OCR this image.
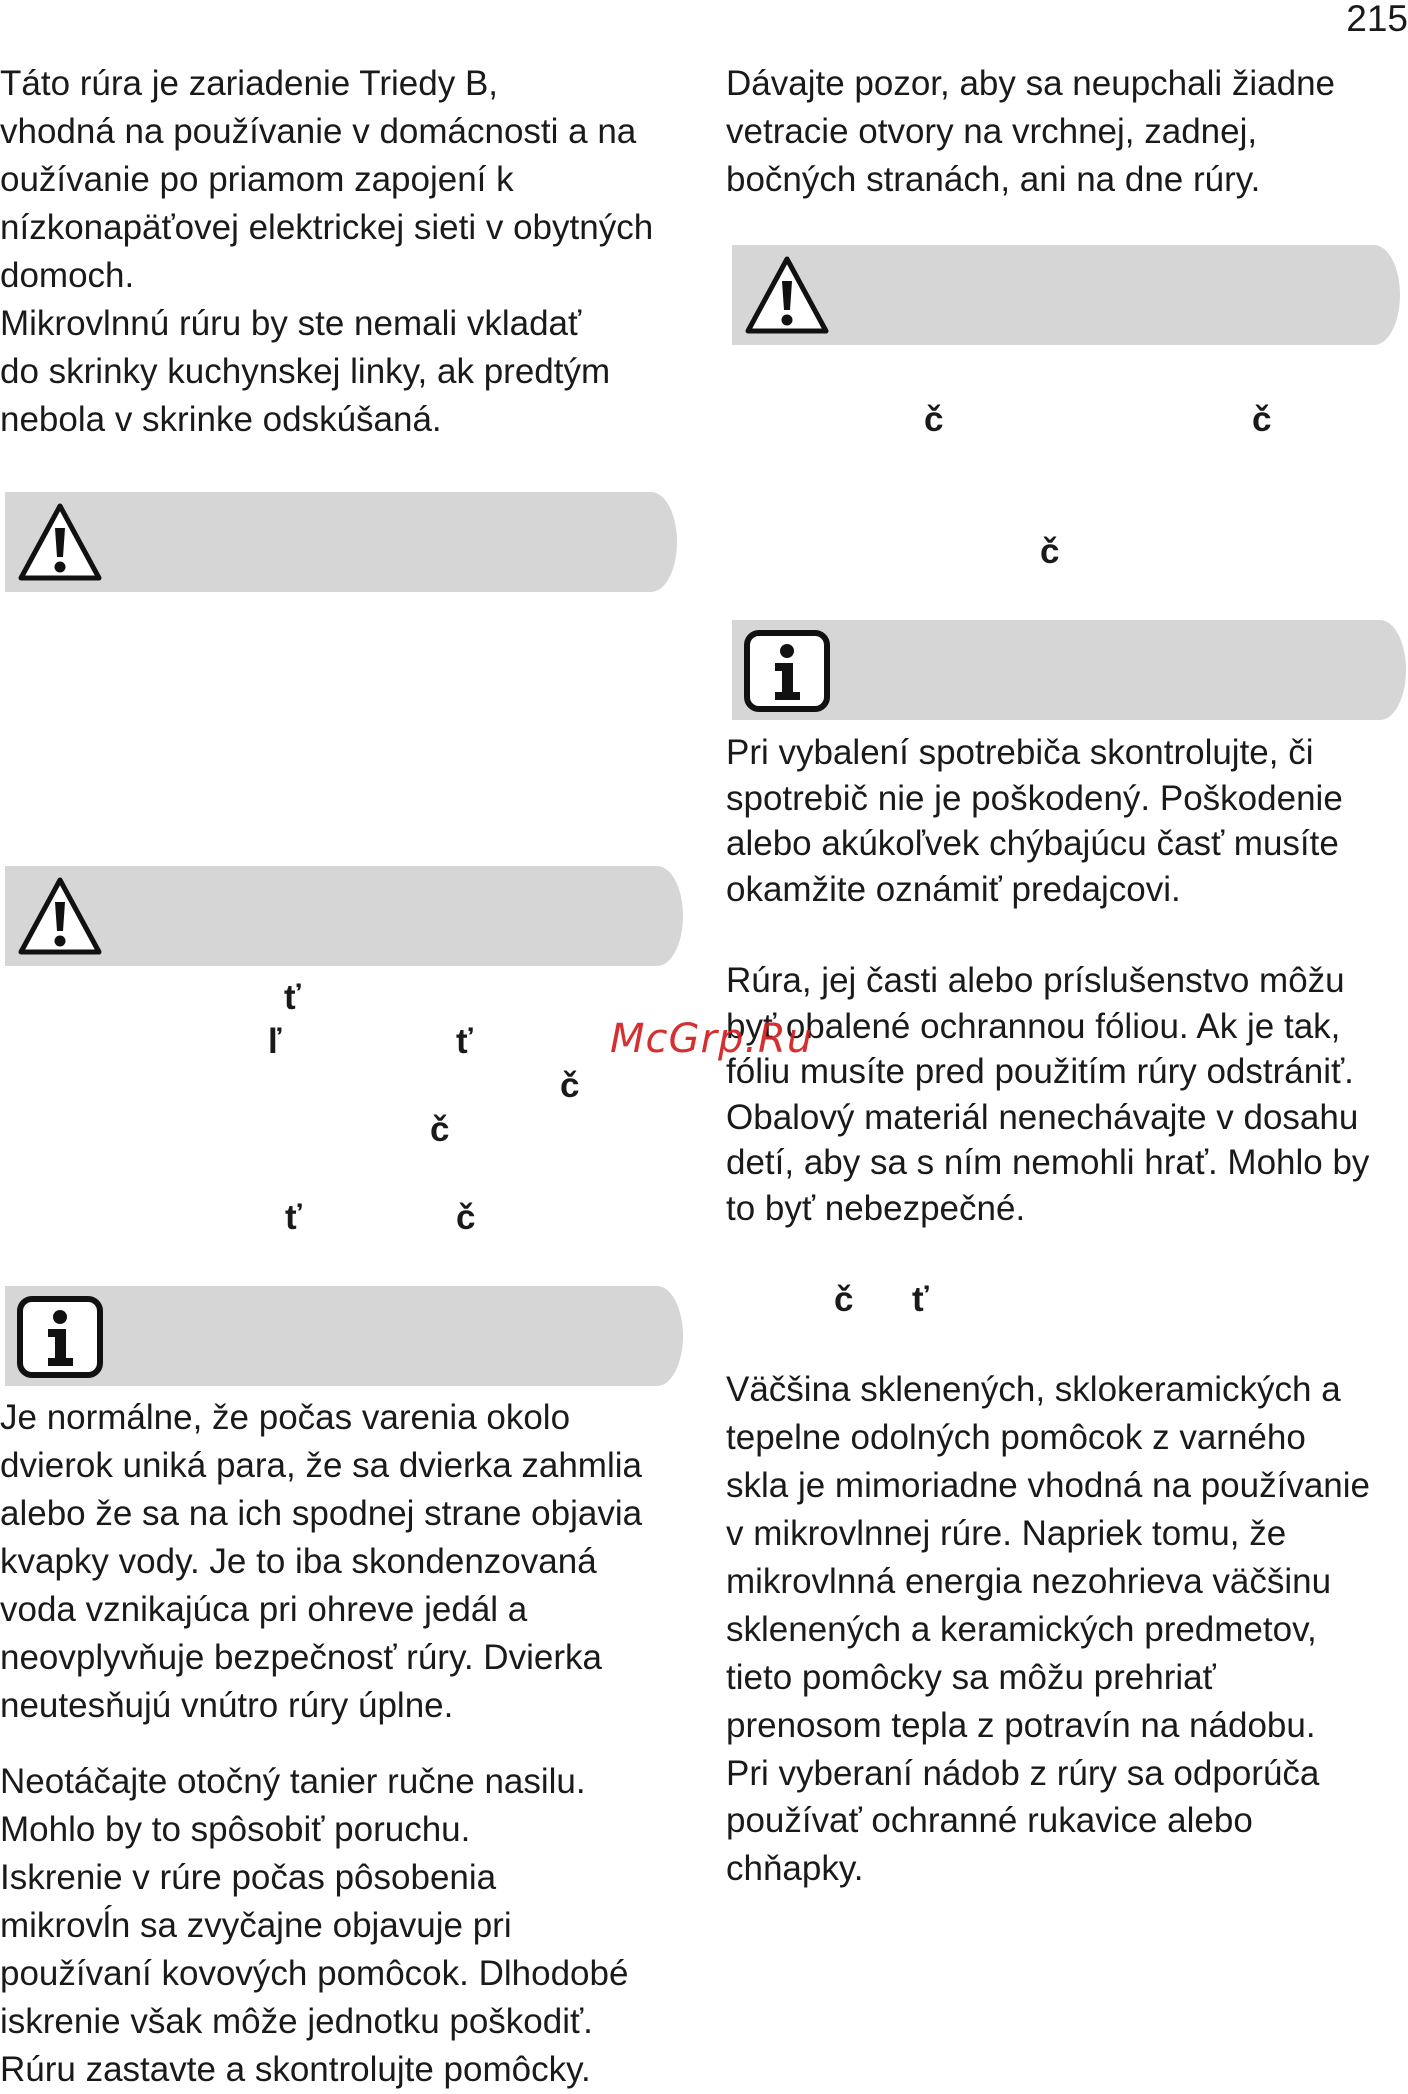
215

Táto rúra je zariadenie Triedy B,
vhodná na používanie v domácnosti a na
oužívanie po priamom zapojení k
nízkonapäťovej elektrickej sieti v obytných
domoch.
Mikrovlnnú rúru by ste nemali vkladať
do skrinky kuchynskej linky, ak predtým
nebola v skrinke odskúšaná.

ť
ľ	ť
č
č
ť	č

Je normálne, že počas varenia okolo
dvierok uniká para, že sa dvierka zahmlia
alebo že sa na ich spodnej strane objavia
kvapky vody. Je to iba skondenzovaná
voda vznikajúca pri ohreve jedál a
neovplyvňuje bezpečnosť rúry. Dvierka
neutesňujú vnútro rúry úplne.

Neotáčajte otočný tanier ručne nasilu.
Mohlo by to spôsobiť poruchu.
Iskrenie v rúre počas pôsobenia
mikrovĺn sa zvyčajne objavuje pri
používaní kovových pomôcok. Dlhodobé
iskrenie však môže jednotku poškodiť.
Rúru zastavte a skontrolujte pomôcky.

Dávajte pozor, aby sa neupchali žiadne
vetracie otvory na vrchnej, zadnej,
bočných stranách, ani na dne rúry.

č	č
č

Pri vybalení spotrebiča skontrolujte, či
spotrebič nie je poškodený. Poškodenie
alebo akúkoľvek chýbajúcu časť musíte
okamžite oznámiť predajcovi.

Rúra, jej časti alebo príslušenstvo môžu
byť obalené ochrannou fóliou. Ak je tak,
fóliu musíte pred použitím rúry odstrániť.
Obalový materiál nenechávajte v dosahu
detí, aby sa s ním nemohli hrať. Mohlo by
to byť nebezpečné.

č ť

Väčšina sklenených, sklokeramických a
tepelne odolných pomôcok z varného
skla je mimoriadne vhodná na používanie
v mikrovlnnej rúre. Napriek tomu, že
mikrovlnná energia nezohrieva väčšinu
sklenených a keramických predmetov,
tieto pomôcky sa môžu prehriať
prenosom tepla z potravín na nádobu.
Pri vyberaní nádob z rúry sa odporúča
používať ochranné rukavice alebo
chňapky.

McGrp.Ru
